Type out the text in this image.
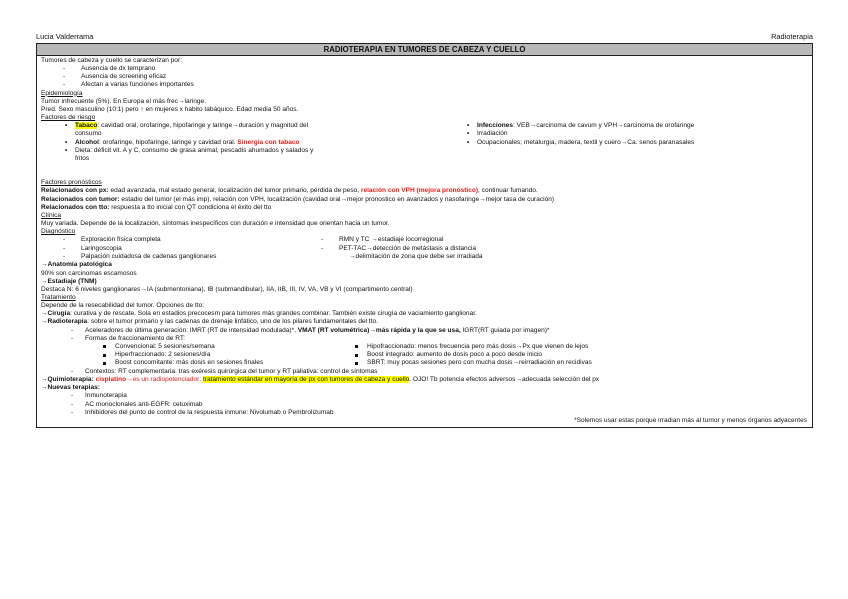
Lucia Valderrama	Radioterapia
RADIOTERAPIA EN TUMORES DE CABEZA Y CUELLO
Tumores de cabeza y cuello se caracterizan por:
- Ausencia de dx temprano
- Ausencia de screening eficaz
- Afectan a varias funciones importantes
Epidemiología
Tumor infrecuente (5%). En Europa el más frec→laringe.
Pred. Sexo masculino (10:1) pero ↑ en mujeres x habito tabáquico. Edad media 50 años.
Factores de riesgo
• Tabaco: cavidad oral, orofaringe, hipofaringe y laringe→duración y magnitud del
consumo
• Alcohol: orofaringe, hipofaringe, laringe y cavidad oral. Sinergia con tabaco
• Dieta: déficit vit. A y C, consumo de grasa animal, pescadis ahumados y salados y
fritos
• Infecciones: VEB→carcinoma de cavum y VPH→carcinoma de orofaringe
• Irradiación
• Ocupacionales; metalurgia, madera, textil y cuero→Ca. senos paranasales
Factores pronósticos
Relacionados con px: edad avanzada, mal estado general, localización del tumor primario, pérdida de peso, relación con VPH (mejora pronóstico), continuar fumando.
Relacionados con tumor: estadio del tumor (el más imp), relación con VPH, localización (cavidad oral→mejor pronostico en avanzados y nasofaringe→mejor tasa de curación)
Relacionados con tto: respuesta a tto inicial con QT condiciona el éxito del tto
Clínica
Muy variada. Depende de la localización, síntomas inespecíficos con duración e intensidad que orientan hacia un tumor.
Diagnóstico
- Exploración física completa
- Laringoscopia
- Palpación cuidadosa de cadenas ganglionares
- RMN y TC →estadiaje locorregional
- PET-TAC→detección de metástasis a distancia
→delimitación de zona que debe ser irradiada
→Anatomía patológica
90% son carcinomas escamosos
→Estadiaje (TNM)
Destaca N: 6 niveles ganglionares→IA (submentoniana), IB (submandibular), IIA, IIB, III, IV, VA, VB y VI (compartimento central)
Tratamiento
Depende de la resecabilidad del tumor. Opciones de tto:
→Cirugía: curativa y de rescate. Sola en estadios precocesm para tumores más grandes combinar. También existe cirugía de vaciamiento ganglionar.
→Radioterapia: sobre el tumor primario y las cadenas de drenaje linfático, uno de los pilares fundamentales del tto.
- Aceleradores de última generación: IMRT (RT de intensidad modulada)*, VMAT (RT volumétrica)→más rápida y la que se usa, IGRT(RT guiada por imagen)*
- Formas de fraccionamiento de RT:
Convencional: 5 sesiones/semana
Hiperfraccionado: 2 sesiones/día
Boost concomitante: más dosis en sesiones finales
Hipofraccionado: menos frecuencia pero más dosis→Px que vienen de lejos
Boost integrado: aumento de dosis poco a poco desde inicio
SBRT: muy pocas sesiones pero con mucha dosis→reirradiación en recidivas
- Contextos: RT complementaria: tras exéresis quirúrgica del tumor y RT paliativa: control de síntomas
→Quimioterapia: cisplatino→es un radiopotenciador: tratamiento estándar en mayoría de px con tumores de cabeza y cuello. OJO! Tb potencia efectos adversos→adecuada selección del px
→Nuevas terapias:
- Inmunoterapia
- AC monoclonales anti-EGFR: cetuximab
- Inhibidores del punto de control de la respuesta inmune: Nivolumab o Pembrolizumab
*Solemos usar estas porque irradian más al tumor y menos órganos adyacentes
